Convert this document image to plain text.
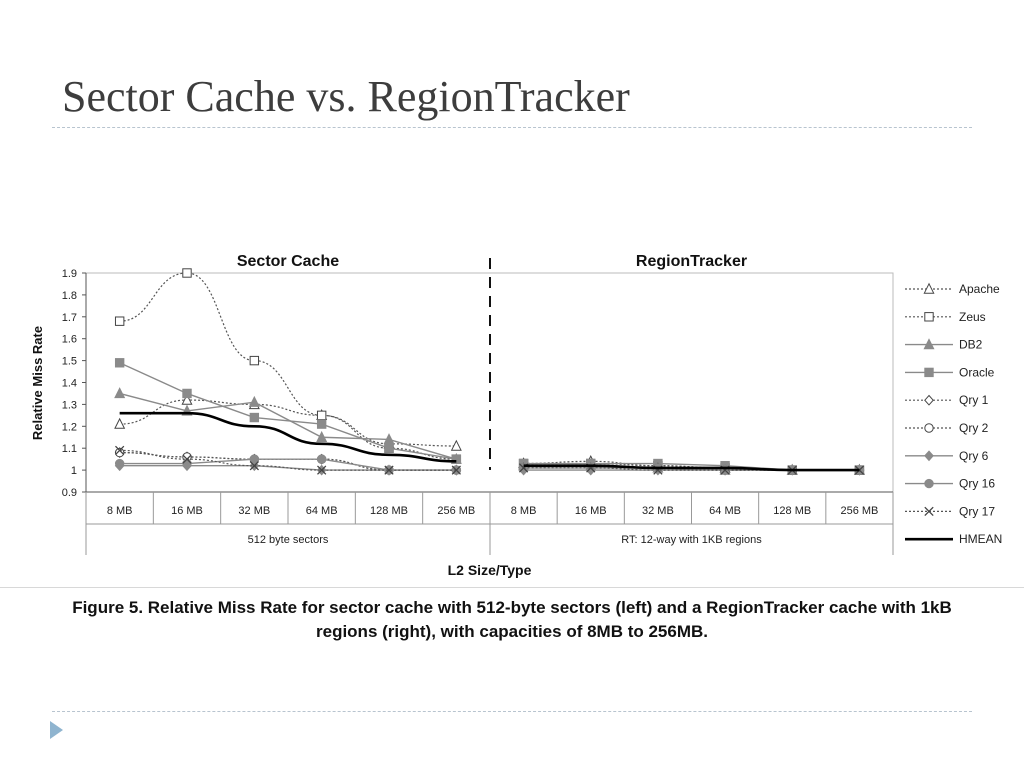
Sector Cache vs. RegionTracker
0.9
1
1.1
1.2
1.3
1.4
1.5
1.6
1.7
1.8
1.9
Relative Miss Rate
Sector Cache	RegionTracker
8 MB	16 MB	32 MB	64 MB	128 MB	256 MB
512 byte sectors
8 MB	16 MB	32 MB	64 MB	128 MB	256 MB
RT: 12-way with 1KB regions
L2 Size/Type
Apache
Zeus
DB2
Oracle
Qry 1
Qry 2
Qry 6
Qry 16
Qry 17
HMEAN

Figure 5. Relative Miss Rate for sector cache with 512-byte sectors (left) and a RegionTracker cache with 1kB
regions (right), with capacities of 8MB to 256MB.
